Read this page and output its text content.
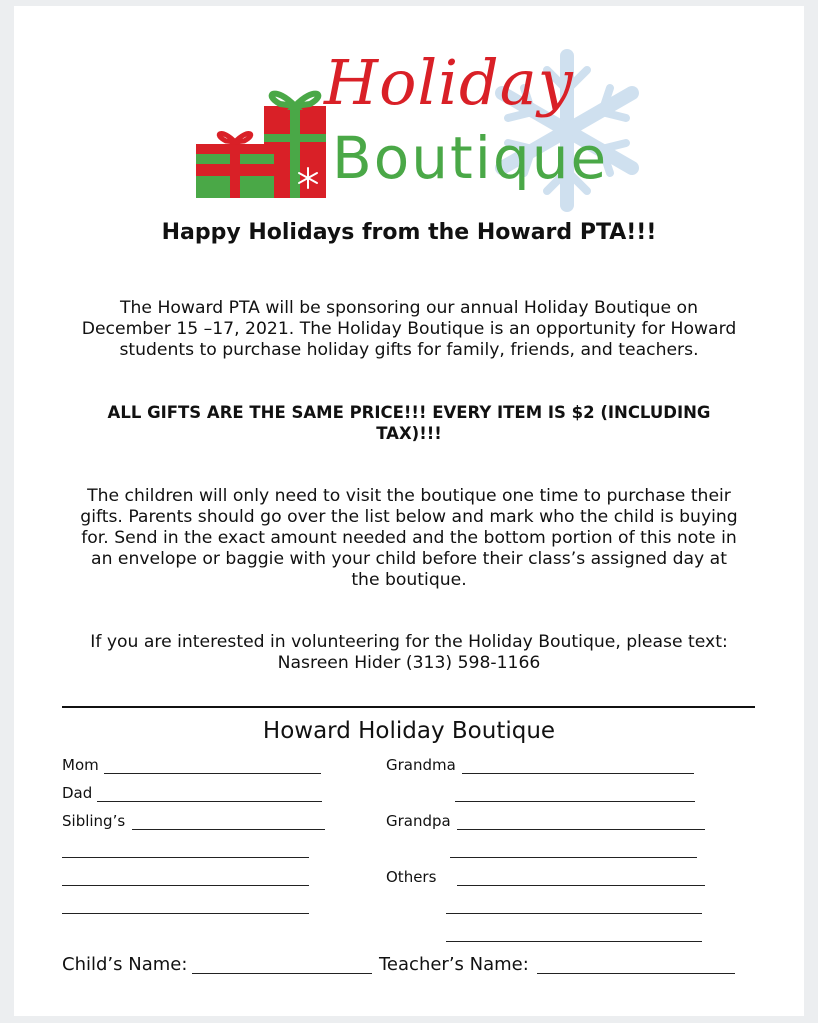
Holiday
Boutique
Happy Holidays from the Howard PTA!!!
The Howard PTA will be sponsoring our annual Holiday Boutique on
December 15 –17, 2021. The Holiday Boutique is an opportunity for Howard
students to purchase holiday gifts for family, friends, and teachers.
ALL GIFTS ARE THE SAME PRICE!!! EVERY ITEM IS $2 (INCLUDING
TAX)!!!
The children will only need to visit the boutique one time to purchase their
gifts. Parents should go over the list below and mark who the child is buying
for. Send in the exact amount needed and the bottom portion of this note in
an envelope or baggie with your child before their class’s assigned day at
the boutique.
If you are interested in volunteering for the Holiday Boutique, please text:
Nasreen Hider (313) 598-1166
Howard Holiday Boutique
Mom
Dad
Sibling’s
Grandma
Grandpa
Others
Child’s Name:	Teacher’s Name:
